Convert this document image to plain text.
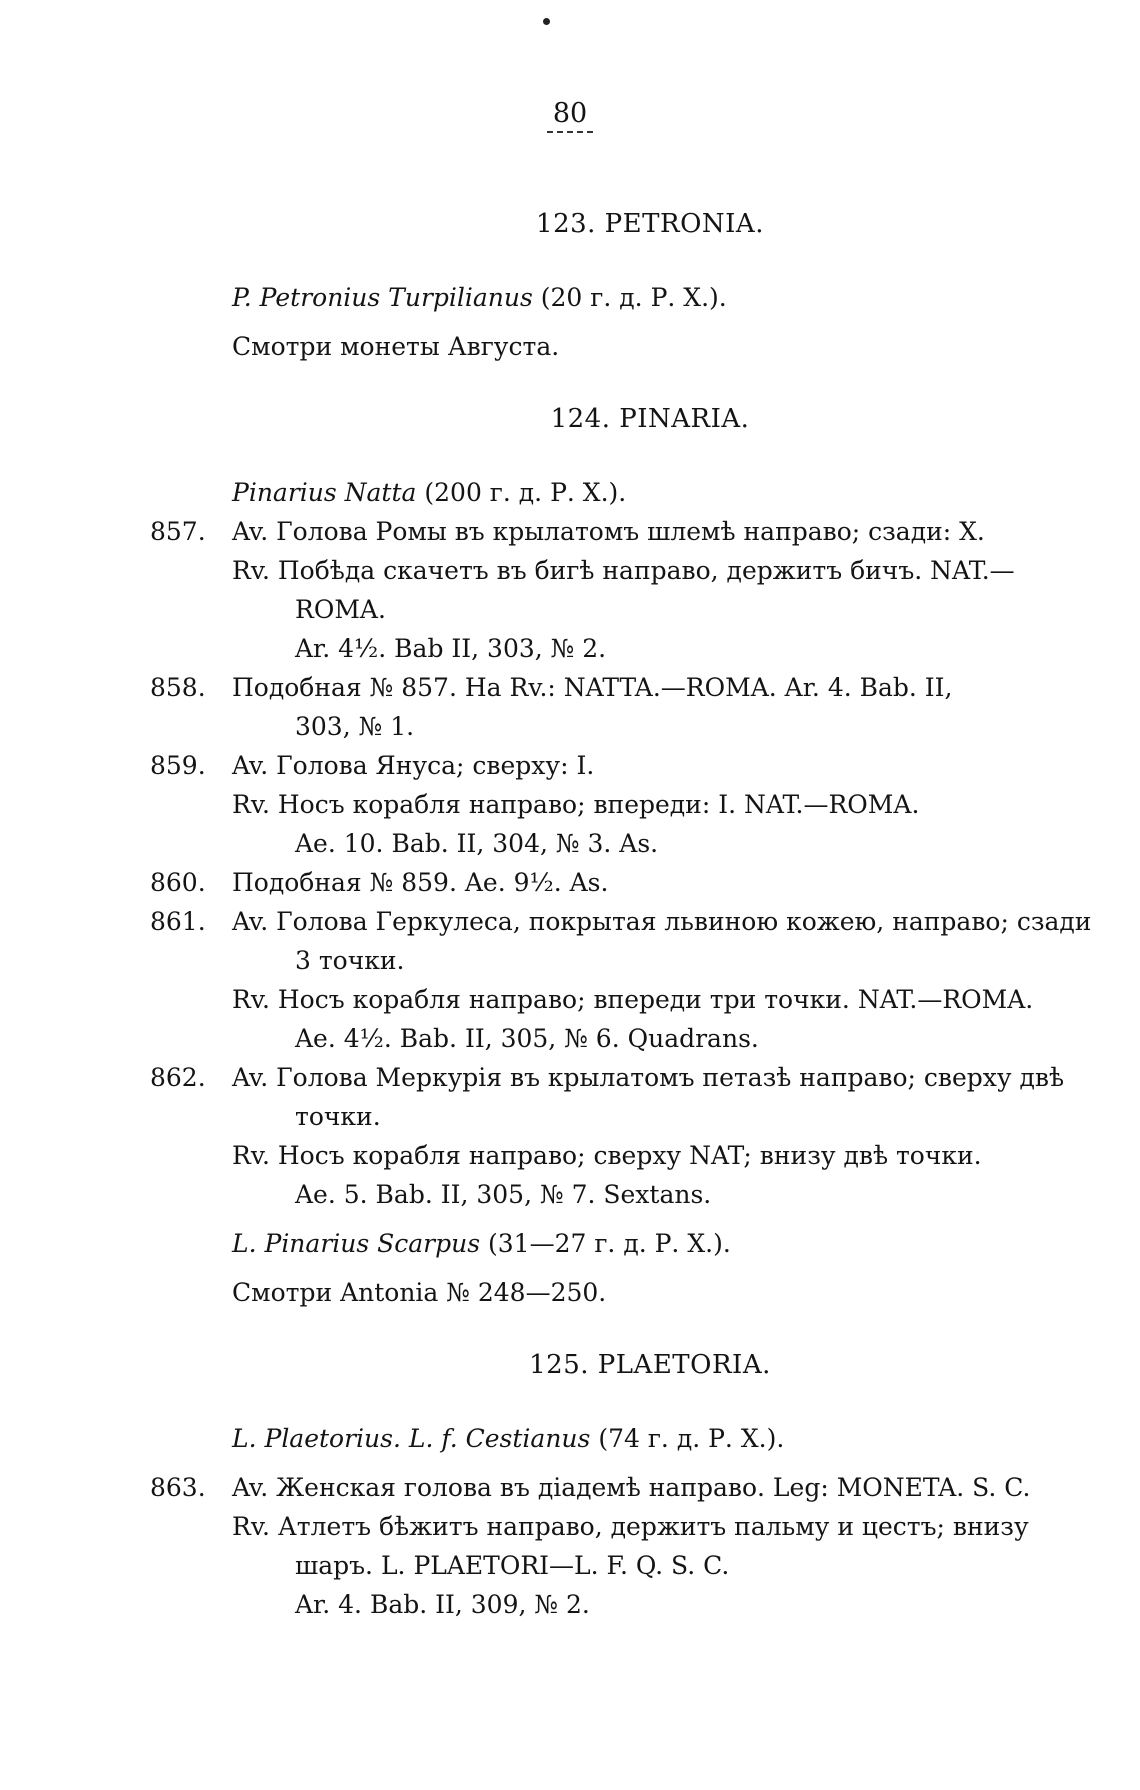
80
123. PETRONIA.
P. Petronius Turpilianus (20 г. д. Р. Х.).
Смотри монеты Августа.
124. PINARIA.
Pinarius Natta (200 г. д. Р. Х.).
857. Av. Голова Ромы въ крылатомъ шлемѣ направо; сзади: X.
Rv. Побѣда скачетъ въ бигѣ направо, держитъ бичъ. NAT.—
ROMA.
Ar. 4½. Bab II, 303, № 2.
858. Подобная № 857. На Rv.: NATTA.—ROMA. Ar. 4. Bab. II,
303, № 1.
859. Av. Голова Януса; сверху: I.
Rv. Носъ корабля направо; впереди: I. NAT.—ROMA.
Ae. 10. Bab. II, 304, № 3. As.
860. Подобная № 859. Ae. 9½. As.
861. Av. Голова Геркулеса, покрытая львиною кожею, направо; сзади
3 точки.
Rv. Носъ корабля направо; впереди три точки. NAT.—ROMA.
Ae. 4½. Bab. II, 305, № 6. Quadrans.
862. Av. Голова Меркурія въ крылатомъ петазѣ направо; сверху двѣ
точки.
Rv. Носъ корабля направо; сверху NAT; внизу двѣ точки.
Ae. 5. Bab. II, 305, № 7. Sextans.
L. Pinarius Scarpus (31—27 г. д. Р. Х.).
Смотри Antonia № 248—250.
125. PLAETORIA.
L. Plaetorius. L. f. Cestianus (74 г. д. Р. Х.).
863. Av. Женская голова въ діадемѣ направо. Leg: MONETA. S. C.
Rv. Атлетъ бѣжитъ направо, держитъ пальму и цестъ; внизу
шаръ. L. PLAETORI—L. F. Q. S. C.
Ar. 4. Bab. II, 309, № 2.
